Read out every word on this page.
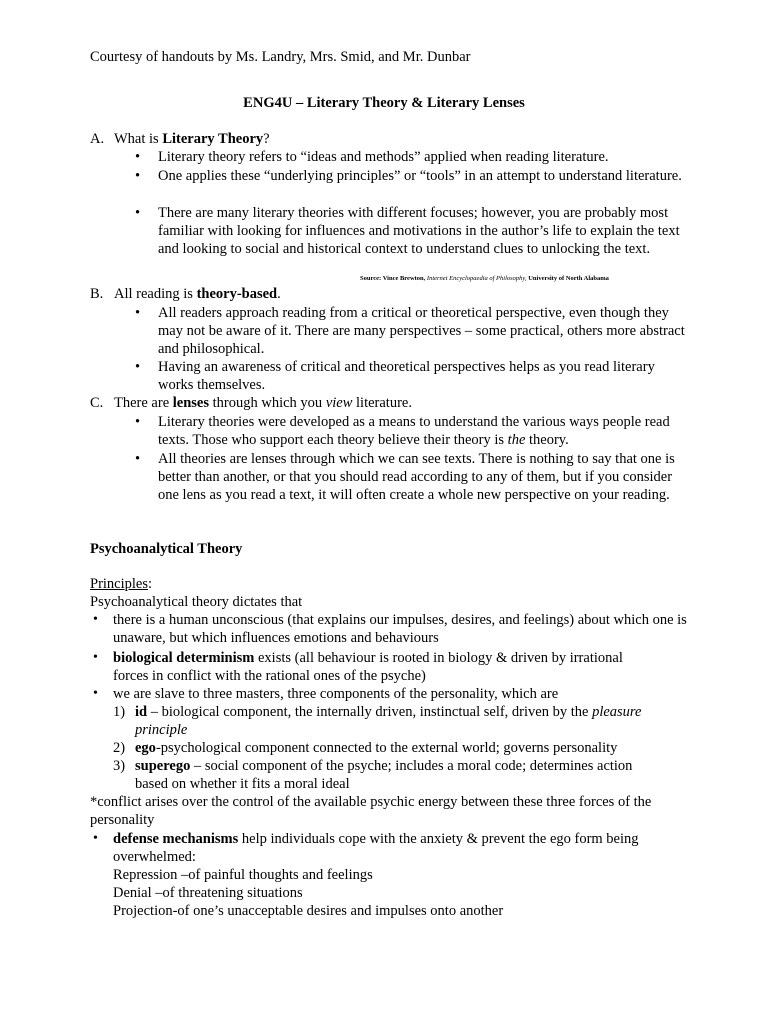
Courtesy of handouts by Ms. Landry, Mrs. Smid, and Mr. Dunbar
ENG4U – Literary Theory & Literary Lenses
A. What is Literary Theory?
• Literary theory refers to “ideas and methods” applied when reading literature.
• One applies these “underlying principles” or “tools” in an attempt to understand literature.
• There are many literary theories with different focuses; however, you are probably most familiar with looking for influences and motivations in the author’s life to explain the text and looking to social and historical context to understand clues to unlocking the text.
Source: Vince Brewton, Internet Encyclopaedia of Philosophy, University of North Alabama
B. All reading is theory-based.
• All readers approach reading from a critical or theoretical perspective, even though they may not be aware of it. There are many perspectives – some practical, others more abstract and philosophical.
• Having an awareness of critical and theoretical perspectives helps as you read literary works themselves.
C. There are lenses through which you view literature.
• Literary theories were developed as a means to understand the various ways people read texts. Those who support each theory believe their theory is the theory.
• All theories are lenses through which we can see texts. There is nothing to say that one is better than another, or that you should read according to any of them, but if you consider one lens as you read a text, it will often create a whole new perspective on your reading.
Psychoanalytical Theory
Principles:
Psychoanalytical theory dictates that
• there is a human unconscious (that explains our impulses, desires, and feelings) about which one is unaware, but which influences emotions and behaviours
• biological determinism exists (all behaviour is rooted in biology & driven by irrational forces in conflict with the rational ones of the psyche)
• we are slave to three masters, three components of the personality, which are
1) id – biological component, the internally driven, instinctual self, driven by the pleasure principle
2) ego-psychological component connected to the external world; governs personality
3) superego – social component of the psyche; includes a moral code; determines action based on whether it fits a moral ideal
*conflict arises over the control of the available psychic energy between these three forces of the personality
• defense mechanisms help individuals cope with the anxiety & prevent the ego form being overwhelmed:
Repression –of painful thoughts and feelings
Denial –of threatening situations
Projection-of one’s unacceptable desires and impulses onto another
